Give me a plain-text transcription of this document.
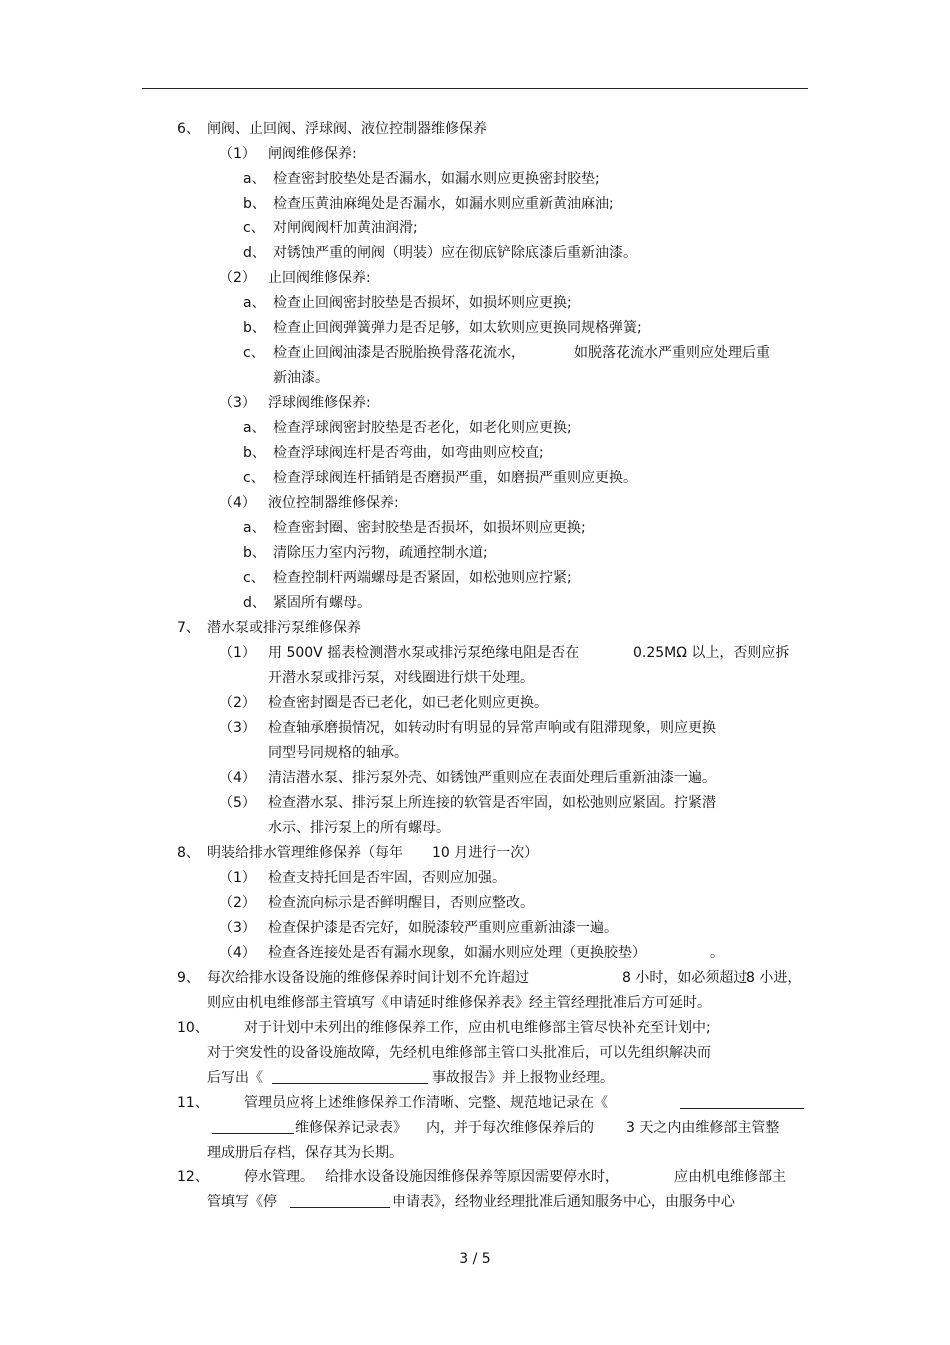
6、 闸阀、止回阀、浮球阀、液位控制器维修保养
（1） 闸阀维修保养:
a、 检查密封胶垫处是否漏水，如漏水则应更换密封胶垫;
b、 检查压黄油麻绳处是否漏水，如漏水则应重新黄油麻油;
c、 对闸阀阀杆加黄油润滑;
d、 对锈蚀严重的闸阀（明装）应在彻底铲除底漆后重新油漆。
（2） 止回阀维修保养:
a、 检查止回阀密封胶垫是否损坏，如损坏则应更换;
b、 检查止回阀弹簧弹力是否足够，如太软则应更换同规格弹簧;
c、 检查止回阀油漆是否脱胎换骨落花流水，	如脱落花流水严重则应处理后重
新油漆。
（3） 浮球阀维修保养:
a、 检查浮球阀密封胶垫是否老化，如老化则应更换;
b、 检查浮球阀连杆是否弯曲，如弯曲则应校直;
c、 检查浮球阀连杆插销是否磨损严重，如磨损严重则应更换。
（4） 液位控制器维修保养:
a、 检查密封圈、密封胶垫是否损坏，如损坏则应更换;
b、 清除压力室内污物，疏通控制水道;
c、 检查控制杆两端螺母是否紧固，如松弛则应拧紧;
d、 紧固所有螺母。
7、 潜水泵或排污泵维修保养
（1） 用 500V 摇表检测潜水泵或排污泵绝缘电阻是否在	0.25MΩ 以上，否则应拆
开潜水泵或排污泵，对线圈进行烘干处理。
（2） 检查密封圈是否已老化，如已老化则应更换。
（3） 检查轴承磨损情况，如转动时有明显的异常声响或有阻滞现象，则应更换
同型号同规格的轴承。
（4） 清洁潜水泵、排污泵外壳、如锈蚀严重则应在表面处理后重新油漆一遍。
（5） 检查潜水泵、排污泵上所连接的软管是否牢固，如松弛则应紧固。拧紧潜
水示、排污泵上的所有螺母。
8、 明装给排水管理维修保养（每年 10 月进行一次）
（1） 检查支持托回是否牢固，否则应加强。
（2） 检查流向标示是否鲜明醒目，否则应整改。
（3） 检查保护漆是否完好，如脱漆较严重则应重新油漆一遍。
（4） 检查各连接处是否有漏水现象，如漏水则应处理（更换胶垫）	。
9、 每次给排水设备设施的维修保养时间计划不允许超过	8 小时，如必须超过
8 小进，
则应由机电维修部主管填写《申请延时维修保养表》经主管经理批准后方可延时。
10、	对于计划中未列出的维修保养工作，应由机电维修部主管尽快补充至计划中;
对于突发性的设备设施故障，先经机电维修部主管口头批准后，可以先组织解决而
后写出《	事故报告》并上报物业经理。
11、	管理员应将上述维修保养工作清晰、完整、规范地记录在《
维修保养记录表》 内，并于每次维修保养后的 3 天之内由维修部主管整
理成册后存档，保存其为长期。
12、	停水管理。 给排水设备设施因维修保养等原因需要停水时，	应由机电维修部主
管填写《停	申请表》，经物业经理批准后通知服务中心，由服务中心
3 / 5
